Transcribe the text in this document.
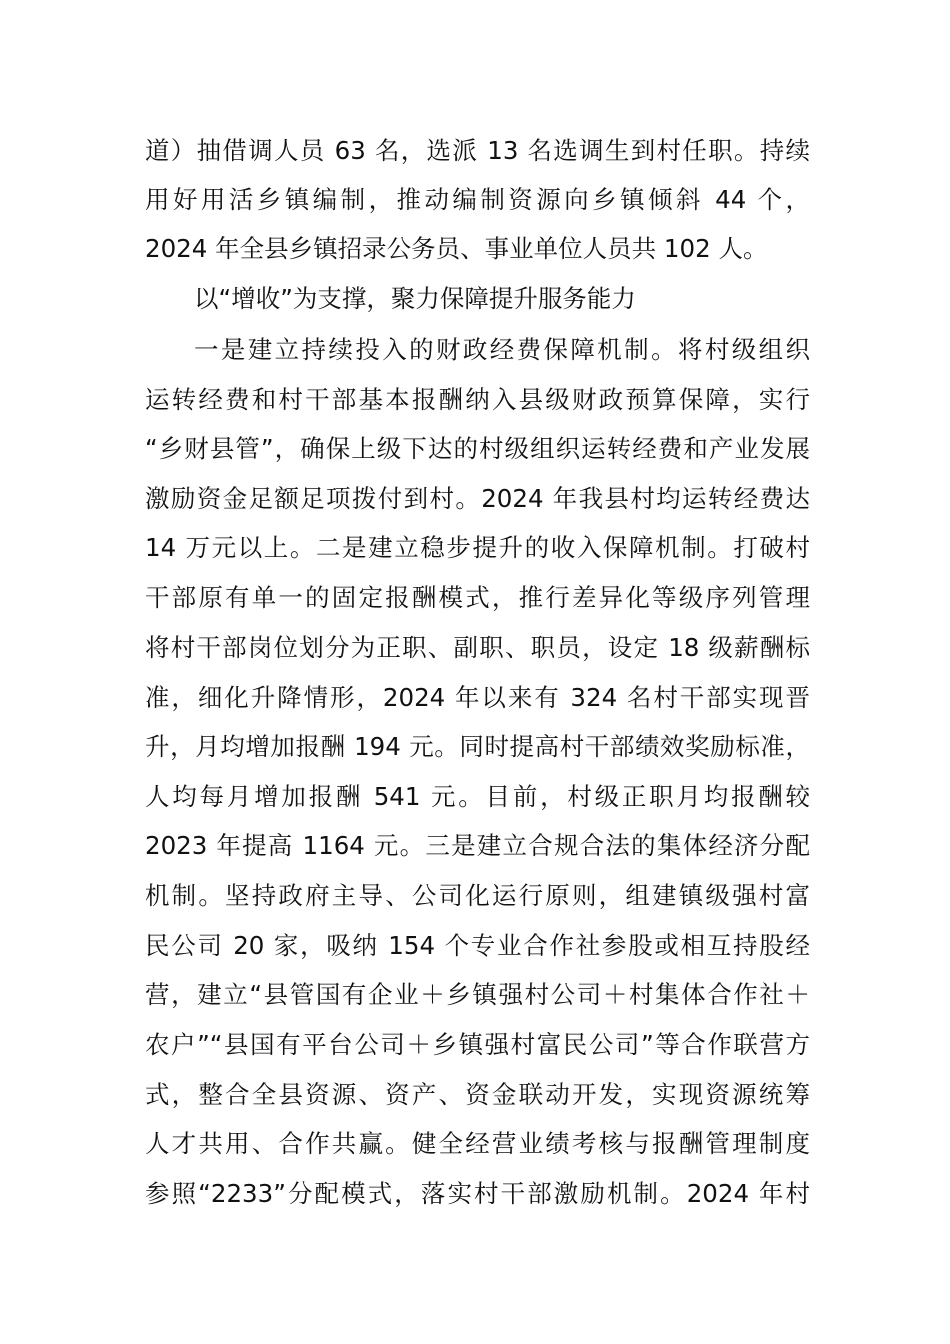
道）抽借调人员 63 名，选派 13 名选调生到村任职。持续
用好用活乡镇编制，推动编制资源向乡镇倾斜 44 个，
2024 年全县乡镇招录公务员、事业单位人员共 102 人。
以“增收”为支撑，聚力保障提升服务能力
一是建立持续投入的财政经费保障机制。将村级组织
运转经费和村干部基本报酬纳入县级财政预算保障，实行
“乡财县管”，确保上级下达的村级组织运转经费和产业发展
激励资金足额足项拨付到村。2024 年我县村均运转经费达
14 万元以上。二是建立稳步提升的收入保障机制。打破村
干部原有单一的固定报酬模式，推行差异化等级序列管理
将村干部岗位划分为正职、副职、职员，设定 18 级薪酬标
准，细化升降情形，2024 年以来有 324 名村干部实现晋
升，月均增加报酬 194 元。同时提高村干部绩效奖励标准，
人均每月增加报酬 541 元。目前，村级正职月均报酬较
2023 年提高 1164 元。三是建立合规合法的集体经济分配
机制。坚持政府主导、公司化运行原则，组建镇级强村富
民公司 20 家，吸纳 154 个专业合作社参股或相互持股经
营，建立“县管国有企业＋乡镇强村公司＋村集体合作社＋
农户”“县国有平台公司＋乡镇强村富民公司”等合作联营方
式，整合全县资源、资产、资金联动开发，实现资源统筹
人才共用、合作共赢。健全经营业绩考核与报酬管理制度
参照“2233”分配模式，落实村干部激励机制。2024 年村
